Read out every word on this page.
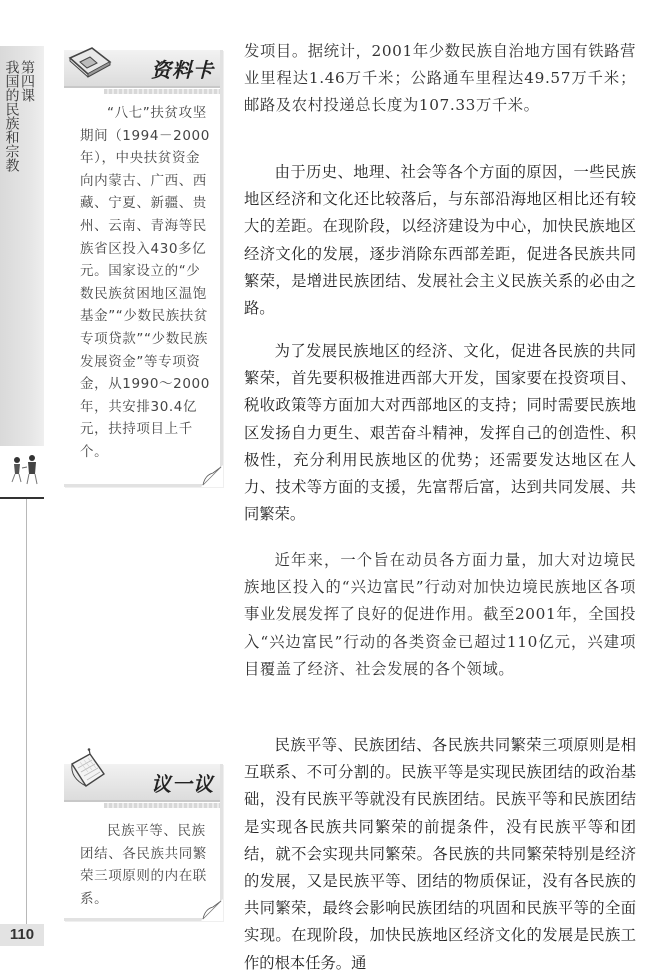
第四课
我国的民族和宗教
110
资料卡
“八七”扶贫攻坚期间（1994－2000年），中央扶贫资金向内蒙古、广西、西藏、宁夏、新疆、贵州、云南、青海等民族省区投入430多亿元。国家设立的“少数民族贫困地区温饱基金”“少数民族扶贫专项贷款”“少数民族发展资金”等专项资金，从1990～2000年，共安排30.4亿元，扶持项目上千个。
议一议
民族平等、民族团结、各民族共同繁荣三项原则的内在联系。

发项目。据统计，2001年少数民族自治地方国有铁路营业里程达1.46万千米；公路通车里程达49.57万千米；邮路及农村投递总长度为107.33万千米。

由于历史、地理、社会等各个方面的原因，一些民族地区经济和文化还比较落后，与东部沿海地区相比还有较大的差距。在现阶段，以经济建设为中心，加快民族地区经济文化的发展，逐步消除东西部差距，促进各民族共同繁荣，是增进民族团结、发展社会主义民族关系的必由之路。

为了发展民族地区的经济、文化，促进各民族的共同繁荣，首先要积极推进西部大开发，国家要在投资项目、税收政策等方面加大对西部地区的支持；同时需要民族地区发扬自力更生、艰苦奋斗精神，发挥自己的创造性、积极性，充分利用民族地区的优势；还需要发达地区在人力、技术等方面的支援，先富帮后富，达到共同发展、共同繁荣。

近年来，一个旨在动员各方面力量，加大对边境民族地区投入的“兴边富民”行动对加快边境民族地区各项事业发展发挥了良好的促进作用。截至2001年，全国投入“兴边富民”行动的各类资金已超过110亿元，兴建项目覆盖了经济、社会发展的各个领域。

民族平等、民族团结、各民族共同繁荣三项原则是相互联系、不可分割的。民族平等是实现民族团结的政治基础，没有民族平等就没有民族团结。民族平等和民族团结是实现各民族共同繁荣的前提条件，没有民族平等和团结，就不会实现共同繁荣。各民族的共同繁荣特别是经济的发展，又是民族平等、团结的物质保证，没有各民族的共同繁荣，最终会影响民族团结的巩固和民族平等的全面实现。在现阶段，加快民族地区经济文化的发展是民族工作的根本任务。通
